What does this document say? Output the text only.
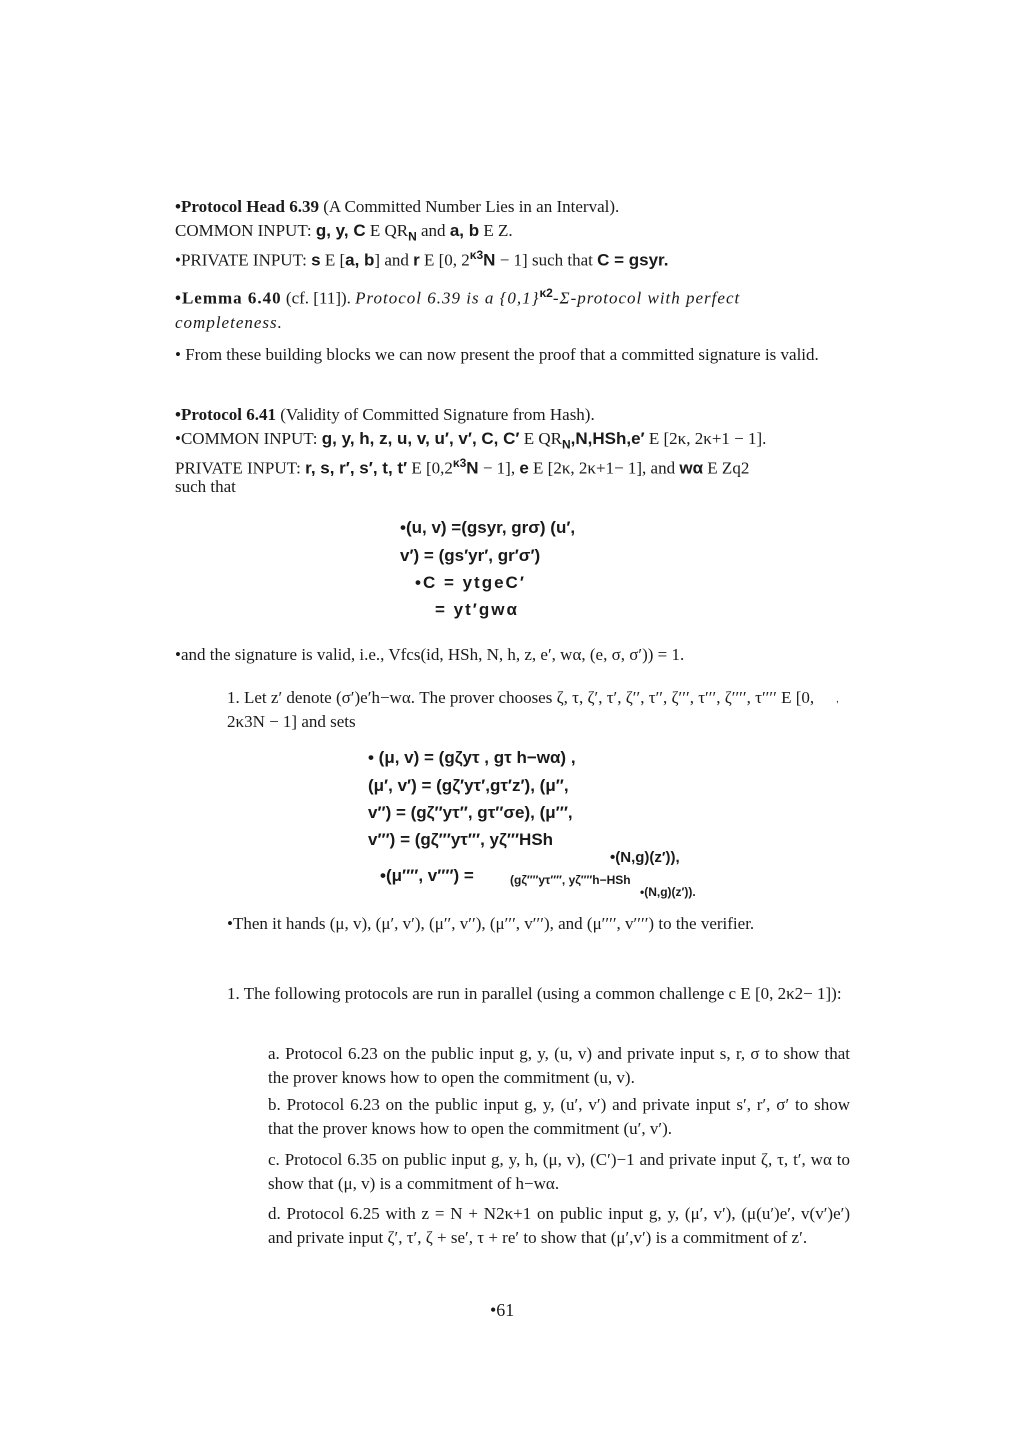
•Protocol Head 6.39 (A Committed Number Lies in an Interval).

COMMON INPUT: g, y, C E $QR_N$ and a, b E Z.

•PRIVATE INPUT: s E [a, b] and r E [0, $2^{\kappa 3}N - 1$] such that C = gsyr.

•Lemma 6.40 (cf. [11]). Protocol 6.39 is a $\{0,1\}^{\kappa 2}-\Sigma$-protocol with perfect completeness.

• From these building blocks we can now present the proof that a committed signature is valid.

•Protocol 6.41 (Validity of Committed Signature from Hash).

•COMMON INPUT: g, y, h, z, u, v, u′, v′, C, C′ E $QR_N,N,HSh,e'$ E [2κ, 2κ+1 − 1].

PRIVATE INPUT: r, s, r′, s′, t, t′ E $[0,2^{\kappa 3}N - 1]$, e E [2κ, 2κ+1− 1], and wα E Zq2

such that

•(u, v) =(gsyr, grσ) (u′,

v′) = (gs′yr′, gr′σ′)

•C = ytgeC′

= yt′gwα

•and the signature is valid, i.e., Vfcs(id, HSh, N, h, z, e′, wα, (e, σ, σ′)) = 1.

1. Let z′ denote (σ′)e′h−wα. The prover chooses ζ, τ, ζ′, τ′, ζ′′, τ′′, ζ′′′, τ′′′, ζ′′′′, τ′′′′ E [0, 2κ3N − 1] and sets

• (μ, v) = (gζyτ , gτ h−wα) ,

(μ′, v′) = (gζ′yτ′,gτ′z′), (μ′′,

v′′) = (gζ′′yτ′′, gτ′′σe), (μ′′′,

v′′′) = (gζ′′′yτ′′′, yζ′′′HSh

•(N,g)(z′)),

•(μ′′′′, v′′′′) =	(gζ′′′′yτ′′′′, yζ′′′′h−HSh

•(N,g)(z′)).

,

•Then it hands (μ, v), (μ′, v′), (μ′′, v′′), (μ′′′, v′′′), and (μ′′′′, v′′′′) to the verifier.

1. The following protocols are run in parallel (using a common challenge c E [0, 2κ2− 1]):

a. Protocol 6.23 on the public input g, y, (u, v) and private input s, r, σ to show that the prover knows how to open the commitment (u, v).

b. Protocol 6.23 on the public input g, y, (u′, v′) and private input s′, r′, σ′ to show that the prover knows how to open the commitment (u′, v′).

c. Protocol 6.35 on public input g, y, h, (μ, v), (C′)−1 and private input ζ, τ, t′, wα to show that (μ, v) is a commitment of h−wα.

d. Protocol 6.25 with z = N + N2κ+1 on public input g, y, (μ′, v′), (μ(u′)e′, v(v′)e′) and private input ζ′, τ′, ζ + se′, τ + re′ to show that (μ′,v′) is a commitment of z′.

•61
